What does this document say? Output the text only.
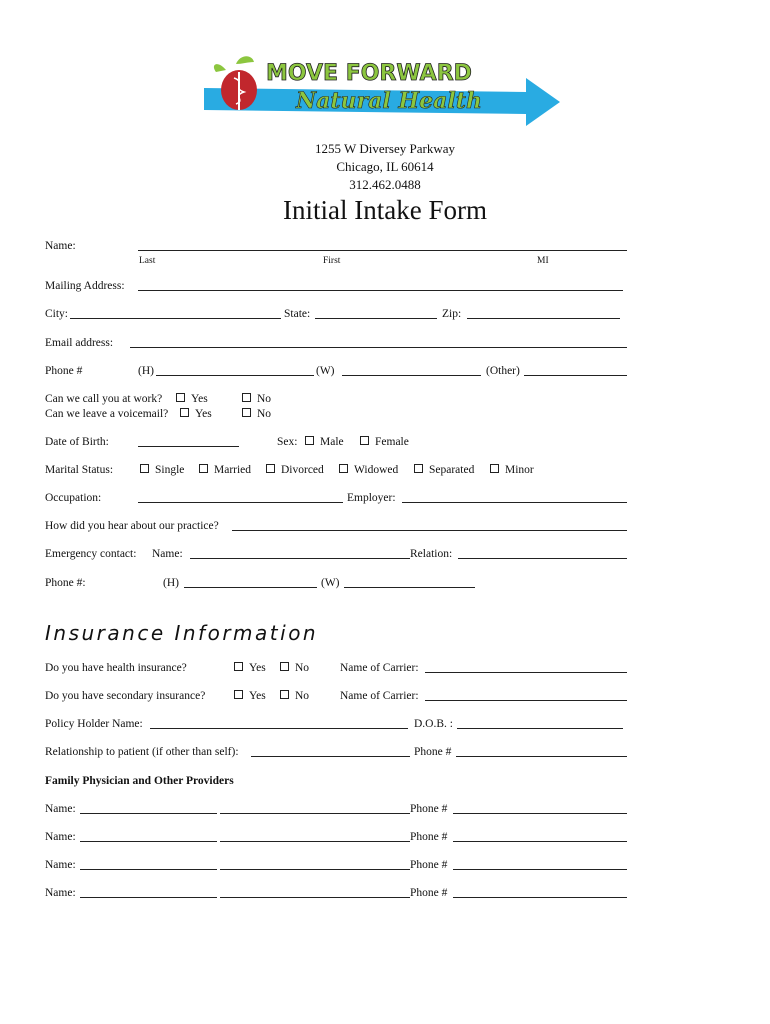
MOVE FORWARD
Natural Health
1255 W Diversey Parkway
Chicago, IL 60614
312.462.0488
Initial Intake Form
Name:
Last	First	MI
Mailing Address:
City:	State:	Zip:
Email address:
Phone #	(H)	(W)	(Other)
Can we call you at work?	Yes	No
Can we leave a voicemail?	Yes	No
Date of Birth:	Sex:	Male	Female
Marital Status:	Single	Married	Divorced	Widowed	Separated	Minor
Occupation:	Employer:
How did you hear about our practice?
Emergency contact: Name:	Relation:
Phone #:	(H)	(W)
Insurance Information
Do you have health insurance?	Yes	No	Name of Carrier:
Do you have secondary insurance?	Yes	No	Name of Carrier:
Policy Holder Name:	D.O.B. :
Relationship to patient (if other than self):	Phone #
Family Physician and Other Providers
Name:	Phone #
Name:	Phone #
Name:	Phone #
Name:	Phone #
